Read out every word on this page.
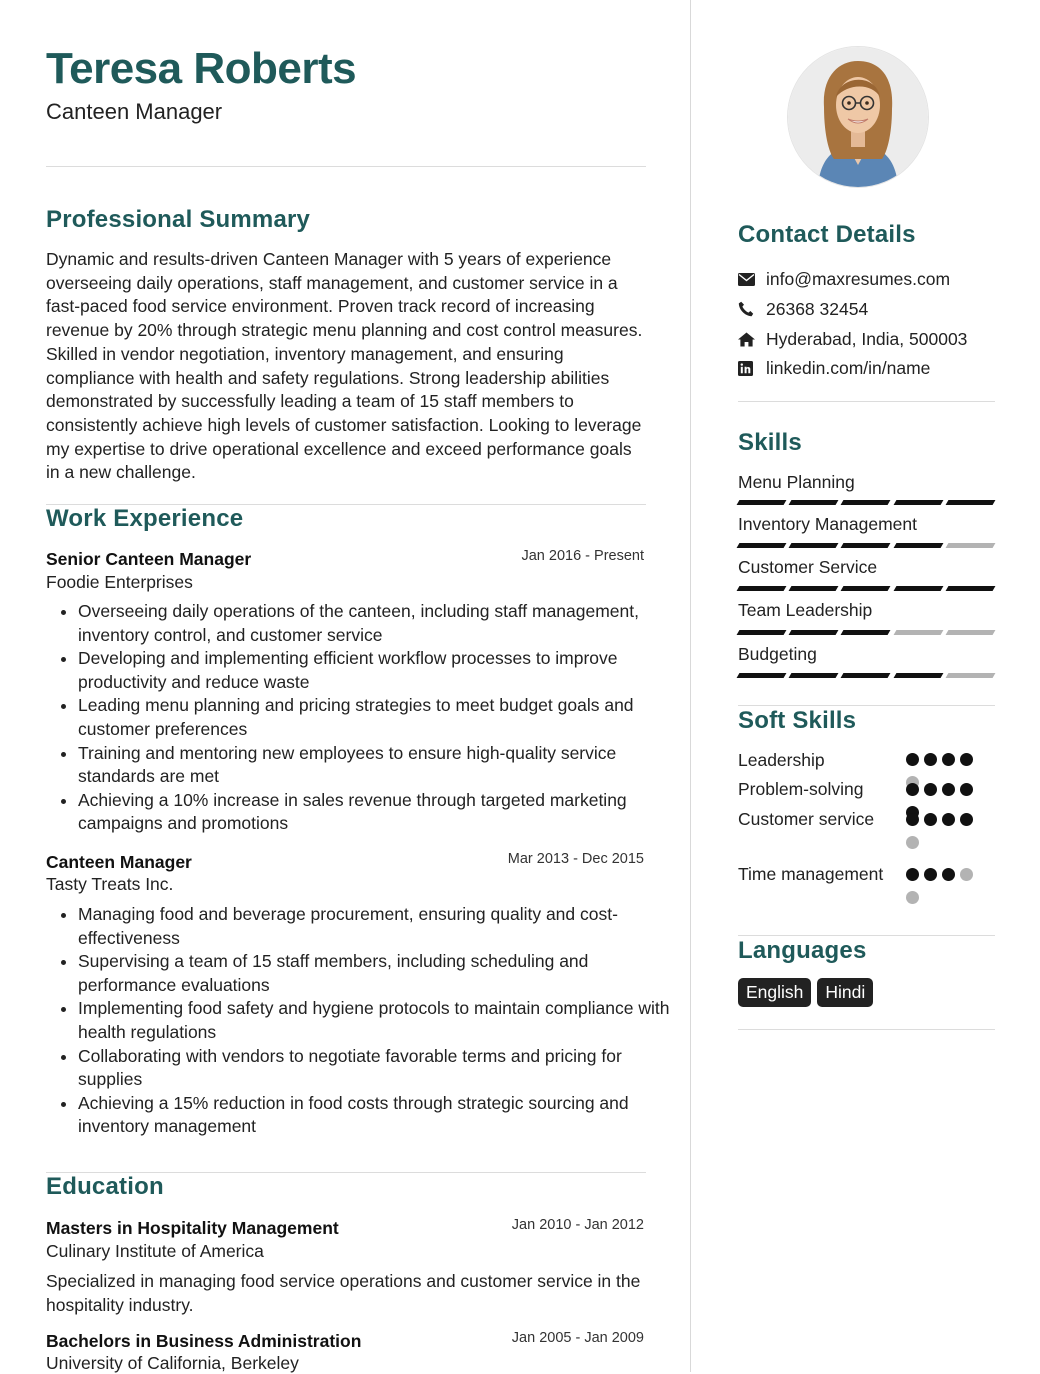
Teresa Roberts
Canteen Manager
Professional Summary
Dynamic and results-driven Canteen Manager with 5 years of experience overseeing daily operations, staff management, and customer service in a fast-paced food service environment. Proven track record of increasing revenue by 20% through strategic menu planning and cost control measures. Skilled in vendor negotiation, inventory management, and ensuring compliance with health and safety regulations. Strong leadership abilities demonstrated by successfully leading a team of 15 staff members to consistently achieve high levels of customer satisfaction. Looking to leverage my expertise to drive operational excellence and exceed performance goals in a new challenge.
Work Experience
Senior Canteen Manager	Jan 2016 - Present
Foodie Enterprises
• Overseeing daily operations of the canteen, including staff management, inventory control, and customer service
• Developing and implementing efficient workflow processes to improve productivity and reduce waste
• Leading menu planning and pricing strategies to meet budget goals and customer preferences
• Training and mentoring new employees to ensure high-quality service standards are met
• Achieving a 10% increase in sales revenue through targeted marketing campaigns and promotions
Canteen Manager	Mar 2013 - Dec 2015
Tasty Treats Inc.
• Managing food and beverage procurement, ensuring quality and cost-effectiveness
• Supervising a team of 15 staff members, including scheduling and performance evaluations
• Implementing food safety and hygiene protocols to maintain compliance with health regulations
• Collaborating with vendors to negotiate favorable terms and pricing for supplies
• Achieving a 15% reduction in food costs through strategic sourcing and inventory management
Education
Masters in Hospitality Management	Jan 2010 - Jan 2012
Culinary Institute of America
Specialized in managing food service operations and customer service in the hospitality industry.
Bachelors in Business Administration	Jan 2005 - Jan 2009
University of California, Berkeley
Contact Details
info@maxresumes.com
26368 32454
Hyderabad, India, 500003
linkedin.com/in/name
Skills
Menu Planning
Inventory Management
Customer Service
Team Leadership
Budgeting
Soft Skills
Leadership
Problem-solving
Customer service
Time management
Languages
English	Hindi
